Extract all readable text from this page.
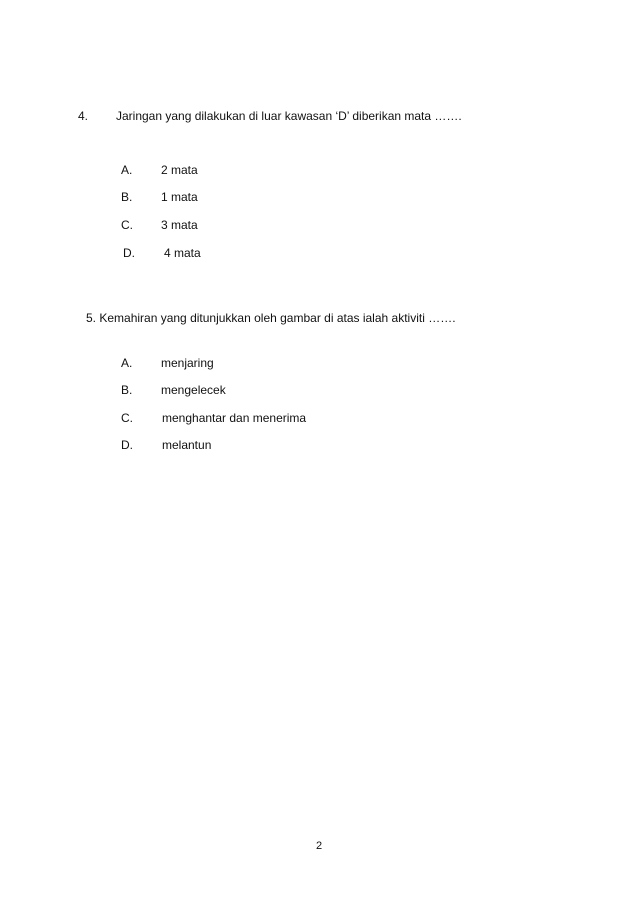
4. Jaringan yang dilakukan di luar kawasan ‘D’ diberikan mata …….
A. 2 mata
B. 1 mata
C. 3 mata
D. 4 mata
5. Kemahiran yang ditunjukkan oleh gambar di atas ialah aktiviti …….
A. menjaring
B. mengelecek
C. menghantar dan menerima
D. melantun
2
